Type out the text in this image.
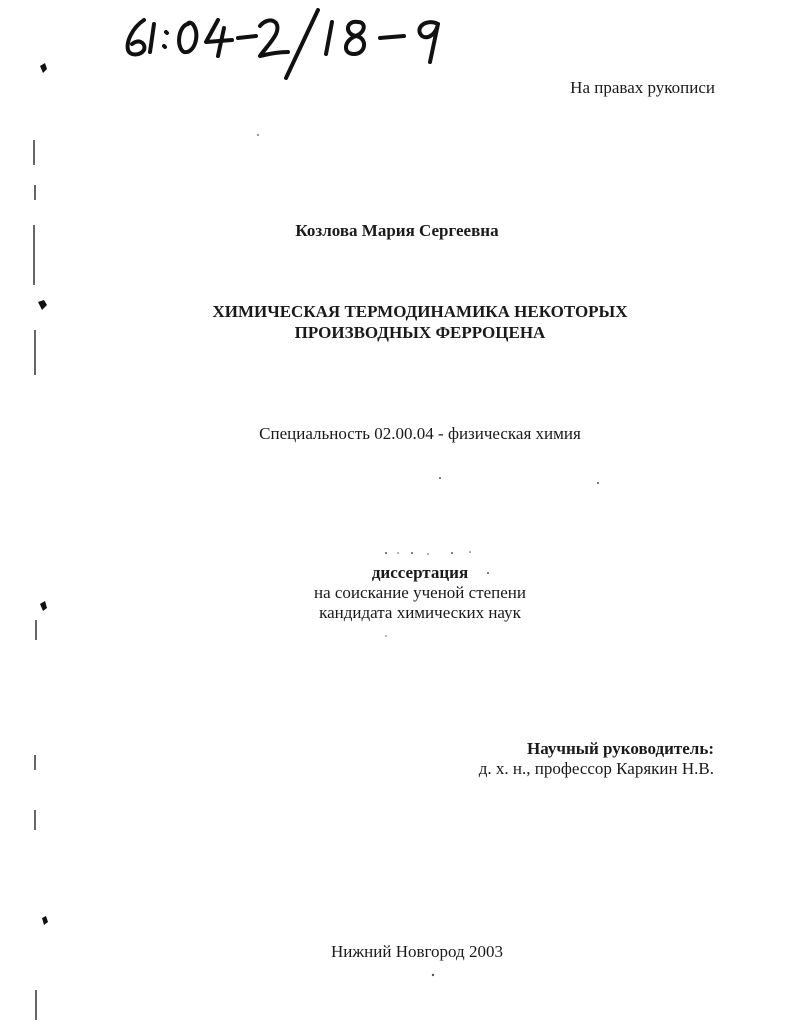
На правах рукописи
Козлова Мария Сергеевна
ХИМИЧЕСКАЯ ТЕРМОДИНАМИКА НЕКОТОРЫХ
ПРОИЗВОДНЫХ ФЕРРОЦЕНА
Специальность 02.00.04 - физическая химия
диссертация
на соискание ученой степени
кандидата химических наук
Научный руководитель:
д. х. н., профессор Карякин Н.В.
Нижний Новгород 2003
